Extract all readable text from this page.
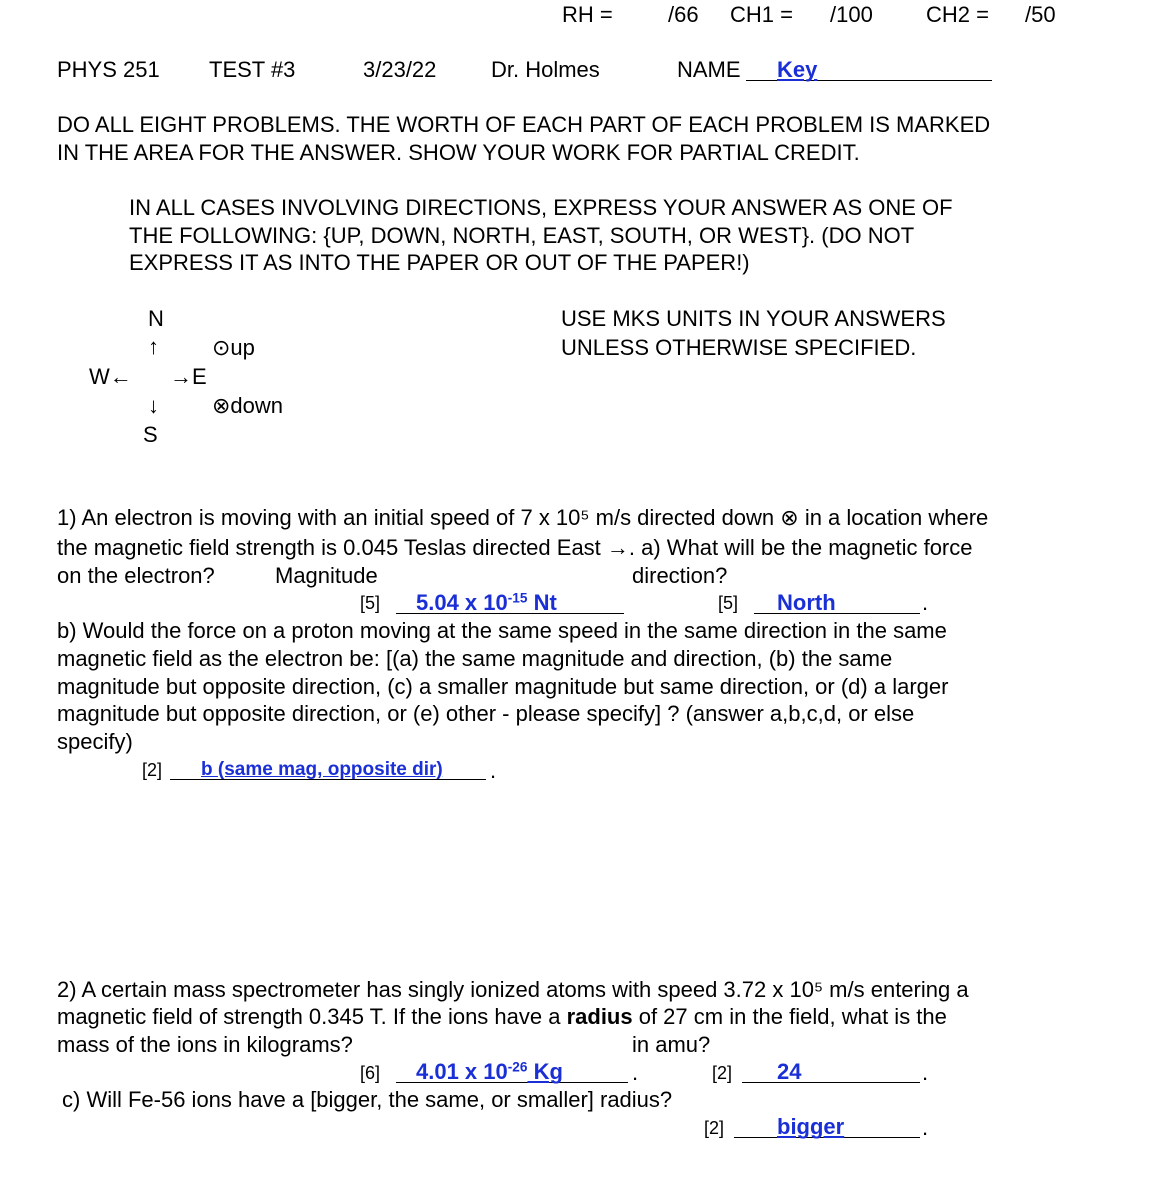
RH =	/66 CH1 = /100 CH2 = /50
PHYS 251 TEST #3	3/23/22 Dr. Holmes	NAME Key
DO ALL EIGHT PROBLEMS. THE WORTH OF EACH PART OF EACH PROBLEM IS MARKED
IN THE AREA FOR THE ANSWER. SHOW YOUR WORK FOR PARTIAL CREDIT.
IN ALL CASES INVOLVING DIRECTIONS, EXPRESS YOUR ANSWER AS ONE OF
THE FOLLOWING: {UP, DOWN, NORTH, EAST, SOUTH, OR WEST}. (DO NOT
EXPRESS IT AS INTO THE PAPER OR OUT OF THE PAPER!)
N
↑ ⊙up
W← →E
↓ ⊗down
S
USE MKS UNITS IN YOUR ANSWERS
UNLESS OTHERWISE SPECIFIED.
1) An electron is moving with an initial speed of 7 x 10⁵ m/s directed down ⊗ in a location where
the magnetic field strength is 0.045 Teslas directed East →. a) What will be the magnetic force
on the electron?	Magnitude	direction?
[5] 5.04 x $10^{-15}$ Nt	[5] North	.
b) Would the force on a proton moving at the same speed in the same direction in the same
magnetic field as the electron be: [(a) the same magnitude and direction, (b) the same
magnitude but opposite direction, (c) a smaller magnitude but same direction, or (d) a larger
magnitude but opposite direction, or (e) other - please specify] ? (answer a,b,c,d, or else
specify)
[2] b (same mag, opposite dir) .
2) A certain mass spectrometer has singly ionized atoms with speed 3.72 x 10⁵ m/s entering a
magnetic field of strength 0.345 T. If the ions have a radius of 27 cm in the field, what is the
mass of the ions in kilograms?	in amu?
[6] 4.01 x $10^{-26}$ Kg	.	[2] 24	.
c) Will Fe-56 ions have a [bigger, the same, or smaller] radius?
[2] bigger	.
